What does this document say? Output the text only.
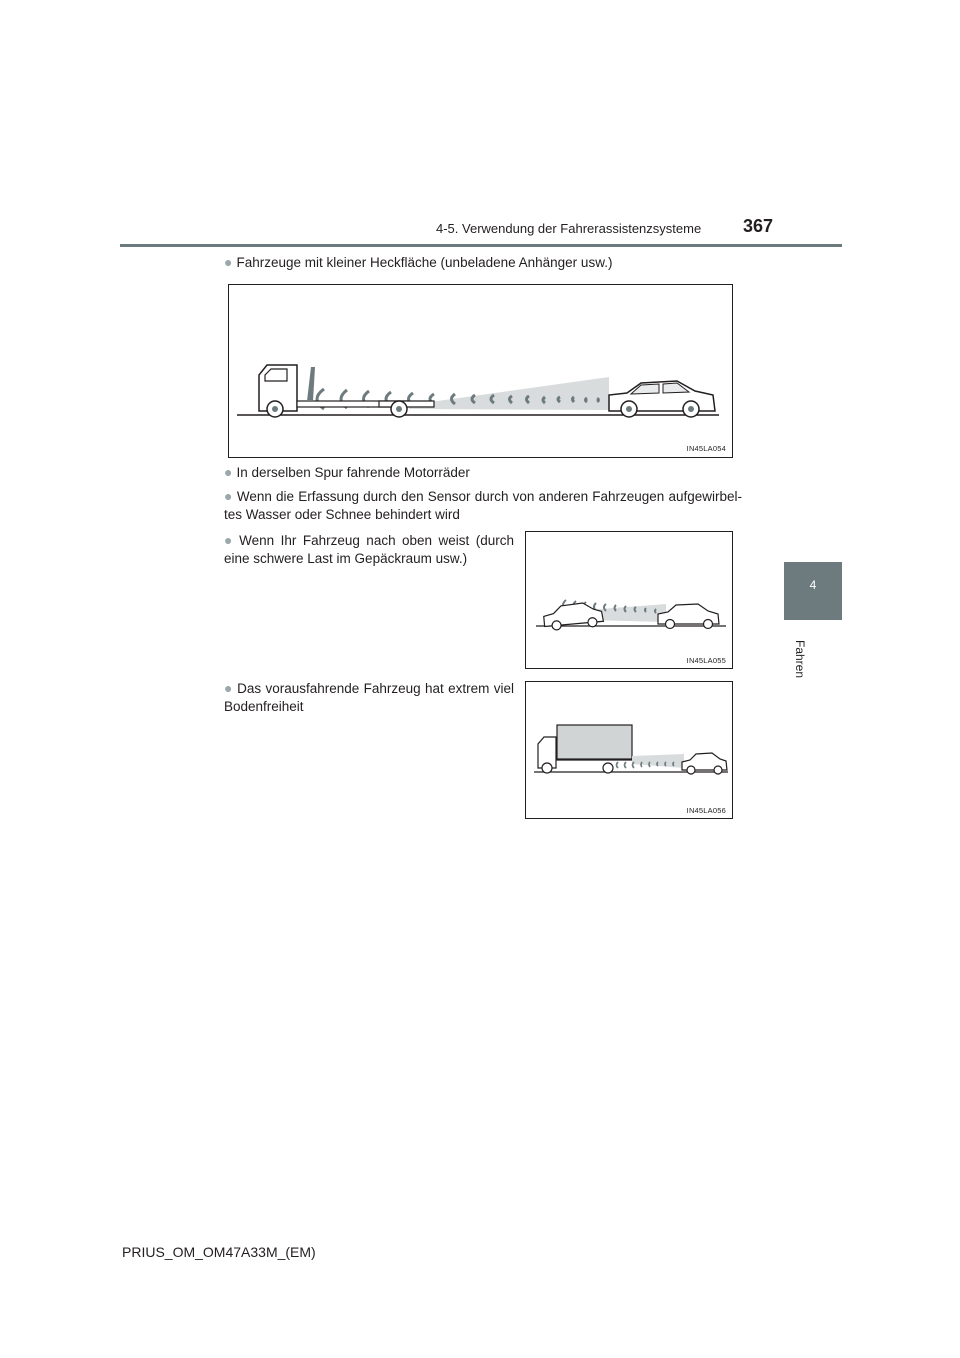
4-5. Verwendung der Fahrerassistenzsysteme 367
4
Fahren
● Fahrzeuge mit kleiner Heckfläche (unbeladene Anhänger usw.)
IN45LA054
● In derselben Spur fahrende Motorräder
● Wenn die Erfassung durch den Sensor durch von anderen Fahrzeugen aufgewirbel-tes Wasser oder Schnee behindert wird
● Wenn Ihr Fahrzeug nach oben weist (durch eine schwere Last im Gepäckraum usw.)
IN45LA055
● Das vorausfahrende Fahrzeug hat extrem viel Bodenfreiheit
IN45LA056
PRIUS_OM_OM47A33M_(EM)
